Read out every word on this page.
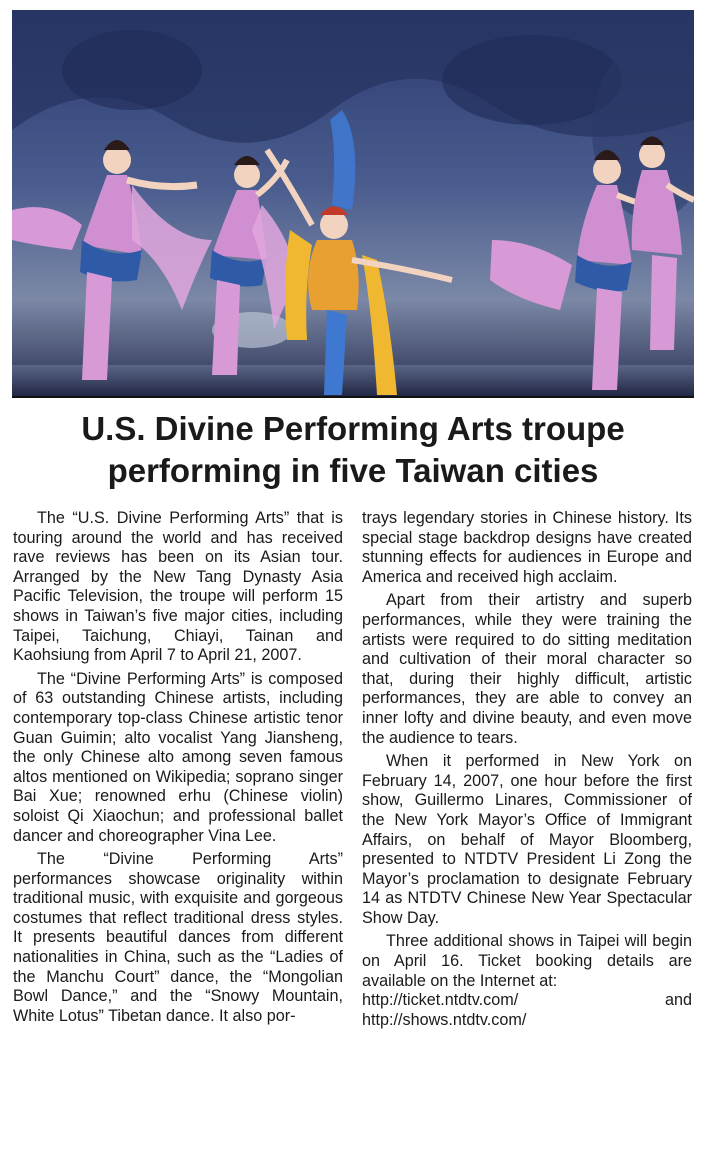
U.S. Divine Performing Arts troupe
performing in five Taiwan cities

The “U.S. Divine Performing Arts” that is touring around the world and has received rave reviews has been on its Asian tour. Arranged by the New Tang Dynasty Asia Pacific Television, the troupe will perform 15 shows in Taiwan’s five major cities, including Taipei, Taichung, Chiayi, Tainan and Kaohsiung from April 7 to April 21, 2007.

The “Divine Performing Arts” is composed of 63 outstanding Chinese artists, including contemporary top-class Chinese artistic tenor Guan Guimin; alto vocalist Yang Jiansheng, the only Chinese alto among seven famous altos mentioned on Wikipedia; soprano singer Bai Xue; renowned erhu (Chinese violin) soloist Qi Xiaochun; and professional ballet dancer and choreographer Vina Lee.

The “Divine Performing Arts” performances showcase originality within traditional music, with exquisite and gorgeous costumes that reflect traditional dress styles. It presents beautiful dances from different nationalities in China, such as the “Ladies of the Manchu Court” dance, the “Mongolian Bowl Dance,” and the “Snowy Mountain, White Lotus” Tibetan dance. It also por-

trays legendary stories in Chinese history. Its special stage backdrop designs have created stunning effects for audiences in Europe and America and received high acclaim.

Apart from their artistry and superb performances, while they were training the artists were required to do sitting meditation and cultivation of their moral character so that, during their highly difficult, artistic performances, they are able to convey an inner lofty and divine beauty, and even move the audience to tears.

When it performed in New York on February 14, 2007, one hour before the first show, Guillermo Linares, Commissioner of the New York Mayor’s Office of Immigrant Affairs, on behalf of Mayor Bloomberg, presented to NTDTV President Li Zong the Mayor’s proclamation to designate February 14 as NTDTV Chinese New Year Spectacular Show Day.

Three additional shows in Taipei will begin on April 16. Ticket booking details are available on the Internet at:

http://ticket.ntdtv.com/	and
http://shows.ntdtv.com/
